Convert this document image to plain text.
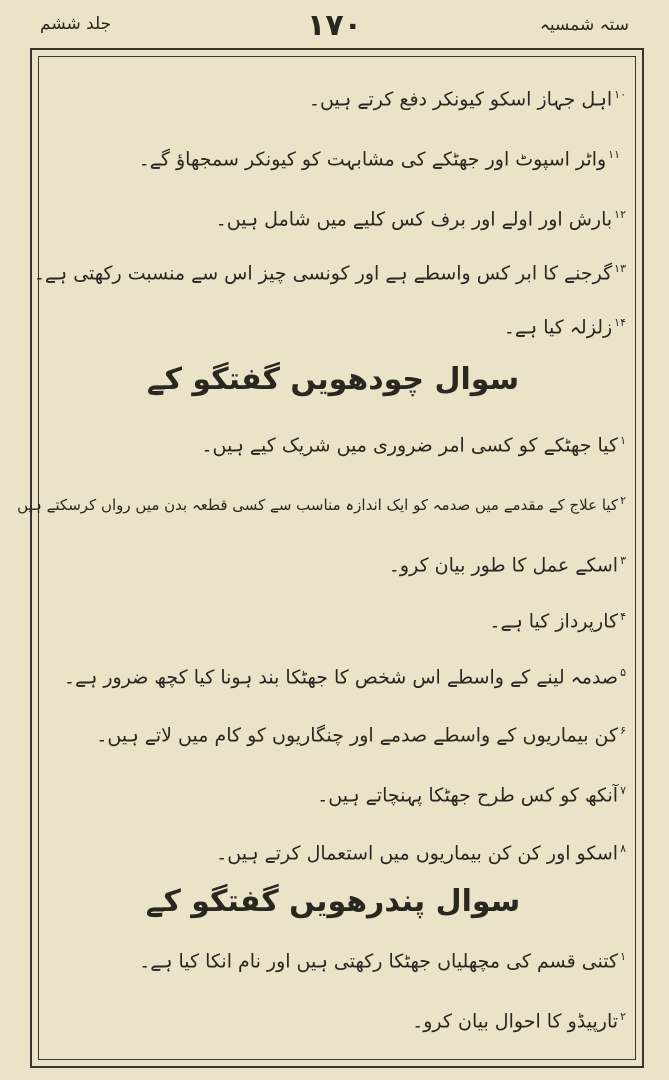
جلد ششم	۱۷۰	ستہ شمسیہ
$^{۱۰}$اہل جہاز اسکو کیونکر دفع کرتے ہیں۔
$^{۱۱}$واٹر اسپوٹ اور جھٹکے کی مشابہت کو کیونکر سمجھاؤ گے۔
$^{۱۲}$بارش اور اولے اور برف کس کلیے میں شامل ہیں۔
$^{۱۳}$گرجنے کا ابر کس واسطے ہے اور کونسی چیز اس سے منسبت رکھتی ہے۔
$^{۱۴}$زلزلہ کیا ہے۔
سوال چودھویں گفتگو کے
$^۱$کیا جھٹکے کو کسی امر ضروری میں شریک کیے ہیں۔
$^۲$کیا علاج کے مقدمے میں صدمہ کو ایک اندازہ مناسب سے کسی قطعہ بدن میں رواں کرسکتے ہیں
$^۳$اسکے عمل کا طور بیان کرو۔
$^۴$کارپرداز کیا ہے۔
$^۵$صدمہ لینے کے واسطے اس شخص کا جھٹکا بند ہونا کیا کچھ ضرور ہے۔
$^۶$کن بیماریوں کے واسطے صدمے اور چنگاریوں کو کام میں لاتے ہیں۔
$^۷$آنکھ کو کس طرح جھٹکا پہنچاتے ہیں۔
$^۸$اسکو اور کن کن بیماریوں میں استعمال کرتے ہیں۔
سوال پندرھویں گفتگو کے
$^۱$کتنی قسم کی مچھلیاں جھٹکا رکھتی ہیں اور نام انکا کیا ہے۔
$^۲$تارپیڈو کا احوال بیان کرو۔
